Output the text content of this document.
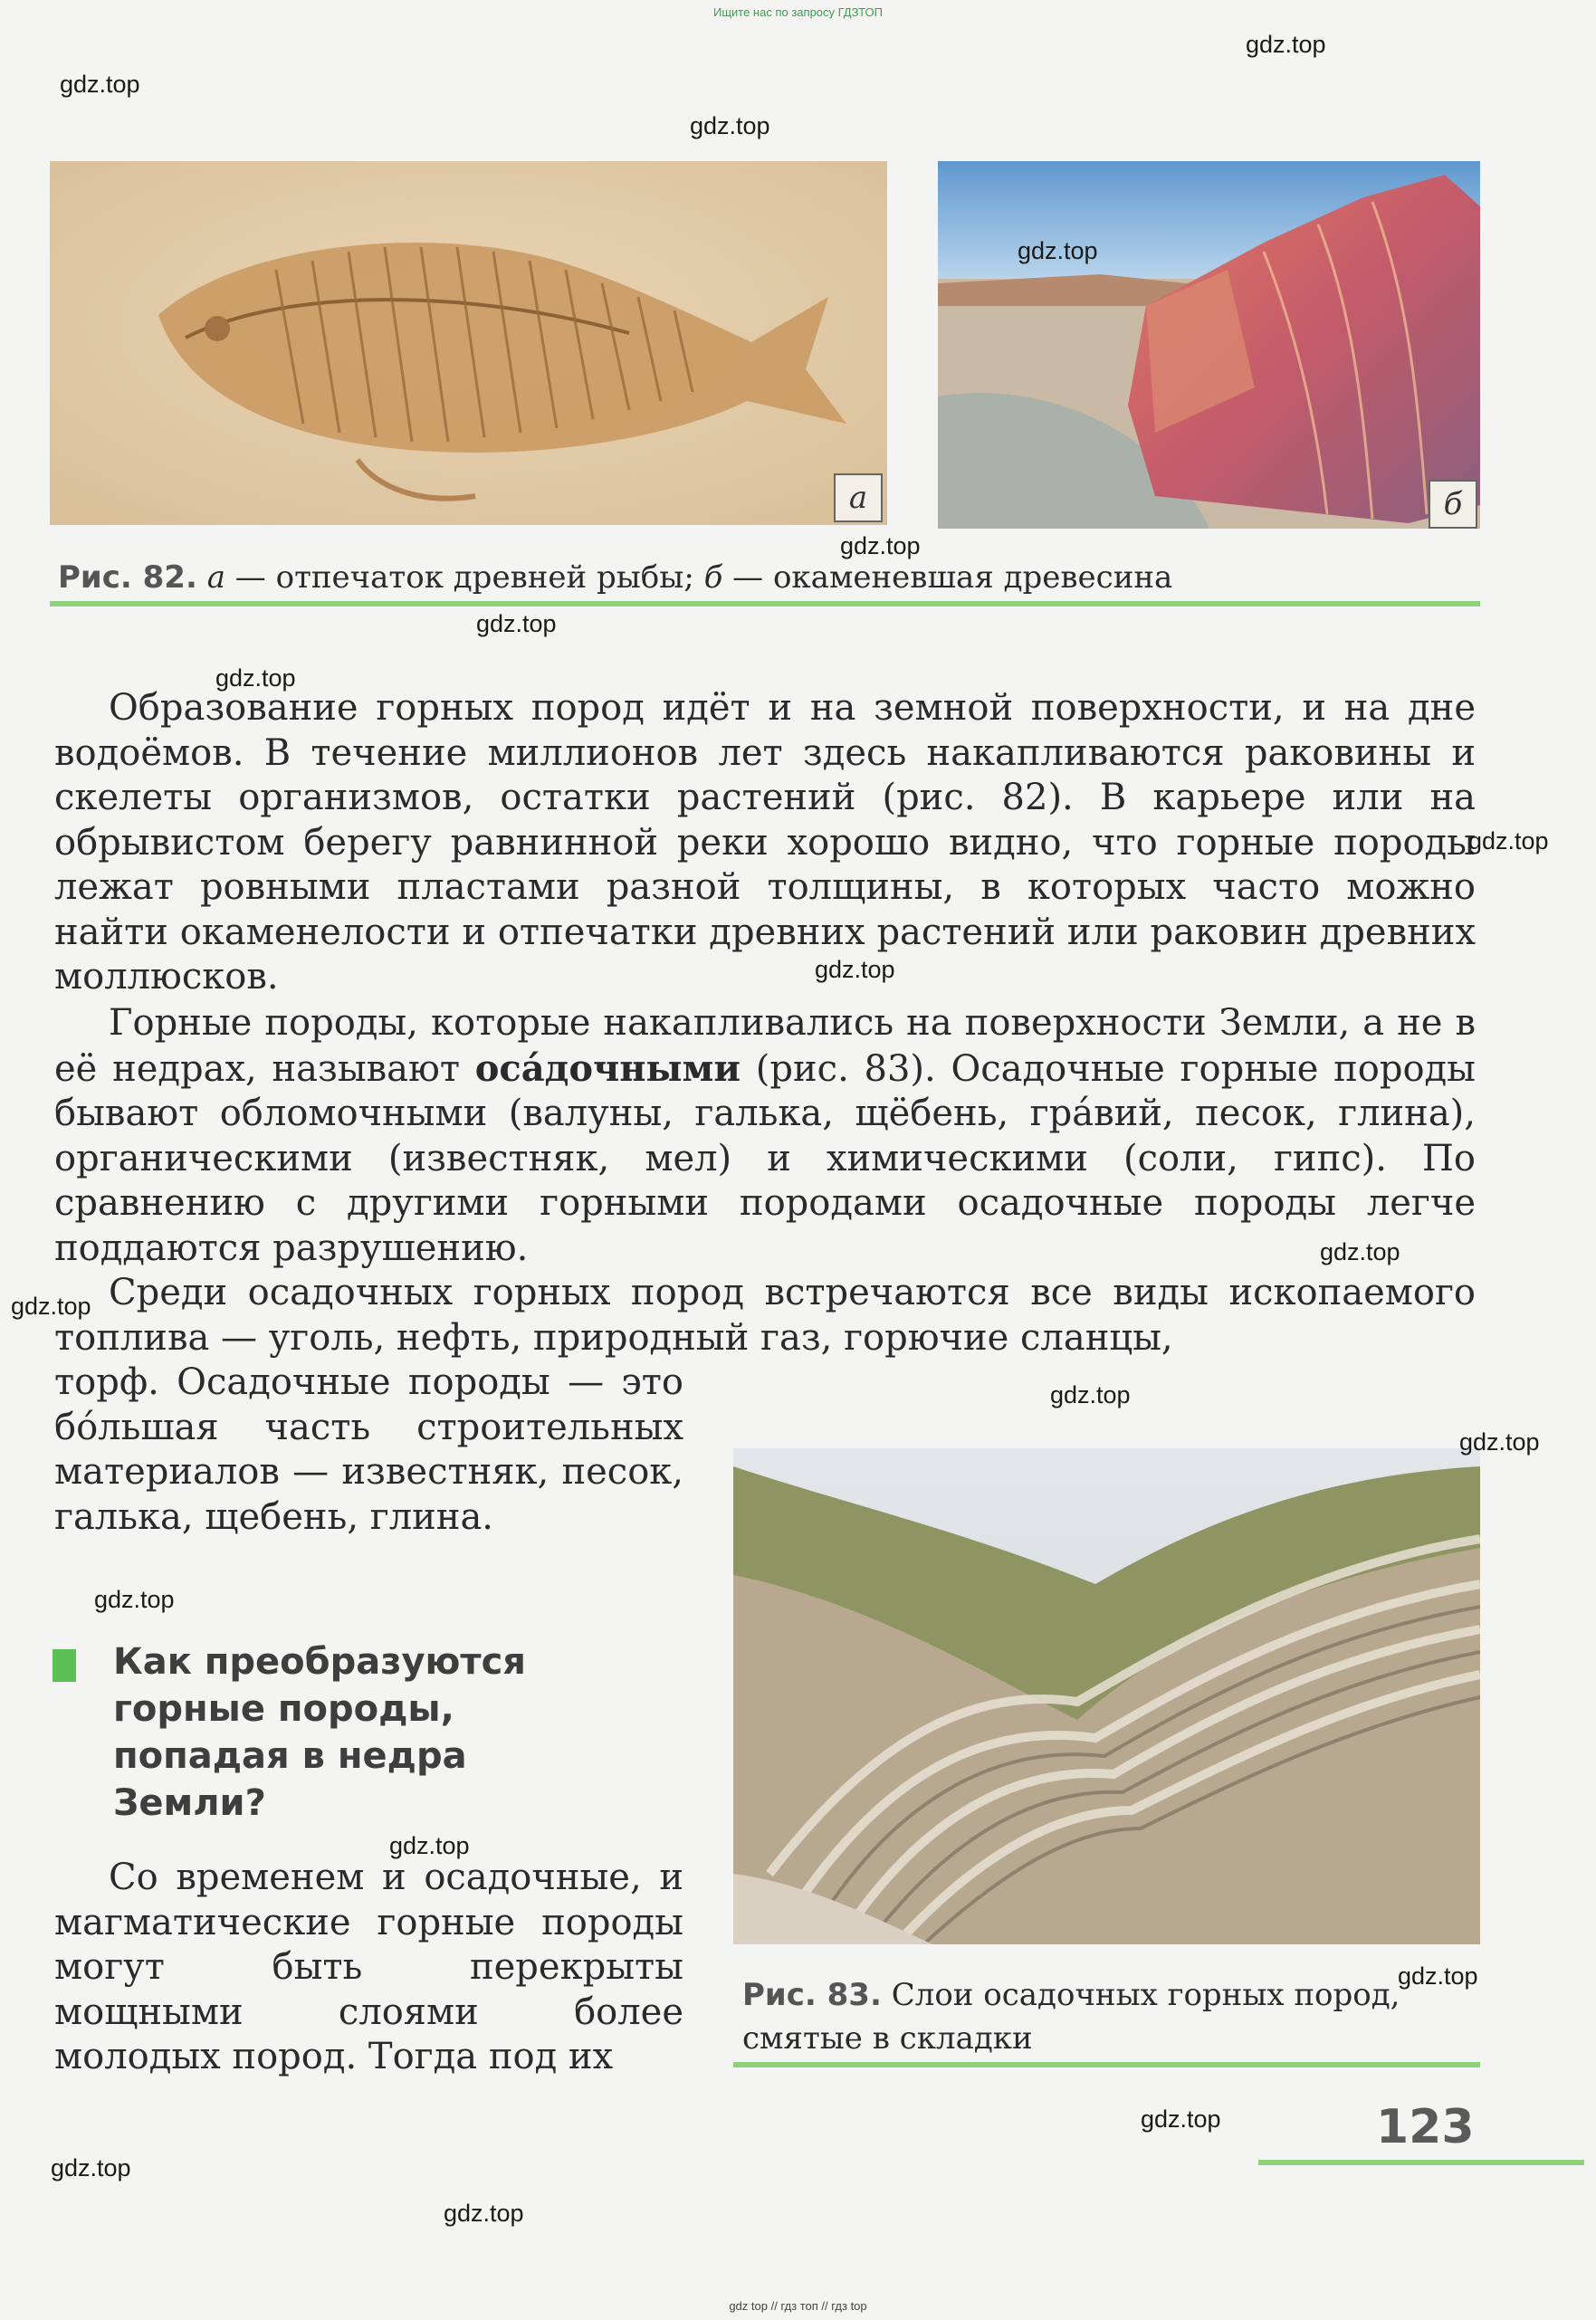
Ищите нас по запросу ГДЗТОП
а	б
Рис. 82. а — отпечаток древней рыбы; б — окаменевшая древесина
Образование горных пород идёт и на земной поверхности, и на дне водоёмов. В течение миллионов лет здесь накапливаются раковины и скелеты организмов, остатки растений (рис. 82). В карьере или на обрывистом берегу равнинной реки хорошо видно, что горные породы лежат ровными пластами разной толщины, в которых часто можно найти окаменелости и отпечатки древних растений или раковин древних моллюсков.
Горные породы, которые накапливались на поверхности Земли, а не в её недрах, называют оса́дочными (рис. 83). Осадочные горные породы бывают обломочными (валуны, галька, щёбень, гра́вий, песок, глина), органическими (известняк, мел) и химическими (соли, гипс). По сравнению с другими горными породами осадочные породы легче поддаются разрушению.
Среди осадочных горных пород встречаются все виды ископаемого топлива — уголь, нефть, природный газ, горючие сланцы,
торф. Осадочные породы — это бо́льшая часть строительных материалов — известняк, песок, галька, щебень, глина.
Как преобразуются горные породы, попадая в недра Земли?
Со временем и осадочные, и магматические горные породы могут быть перекрыты мощными слоями более молодых пород. Тогда под их
Рис. 83. Слои осадочных горных пород, смятые в складки
123
gdz.top
gdz.top
gdz.top
gdz.top
gdz.top
gdz.top
gdz.top
gdz.top
gdz.top
gdz.top
gdz.top
gdz.top
gdz.top
gdz.top
gdz.top
gdz.top
gdz.top
gdz.top
gdz.top
gdz top // гдз топ // гдз top
